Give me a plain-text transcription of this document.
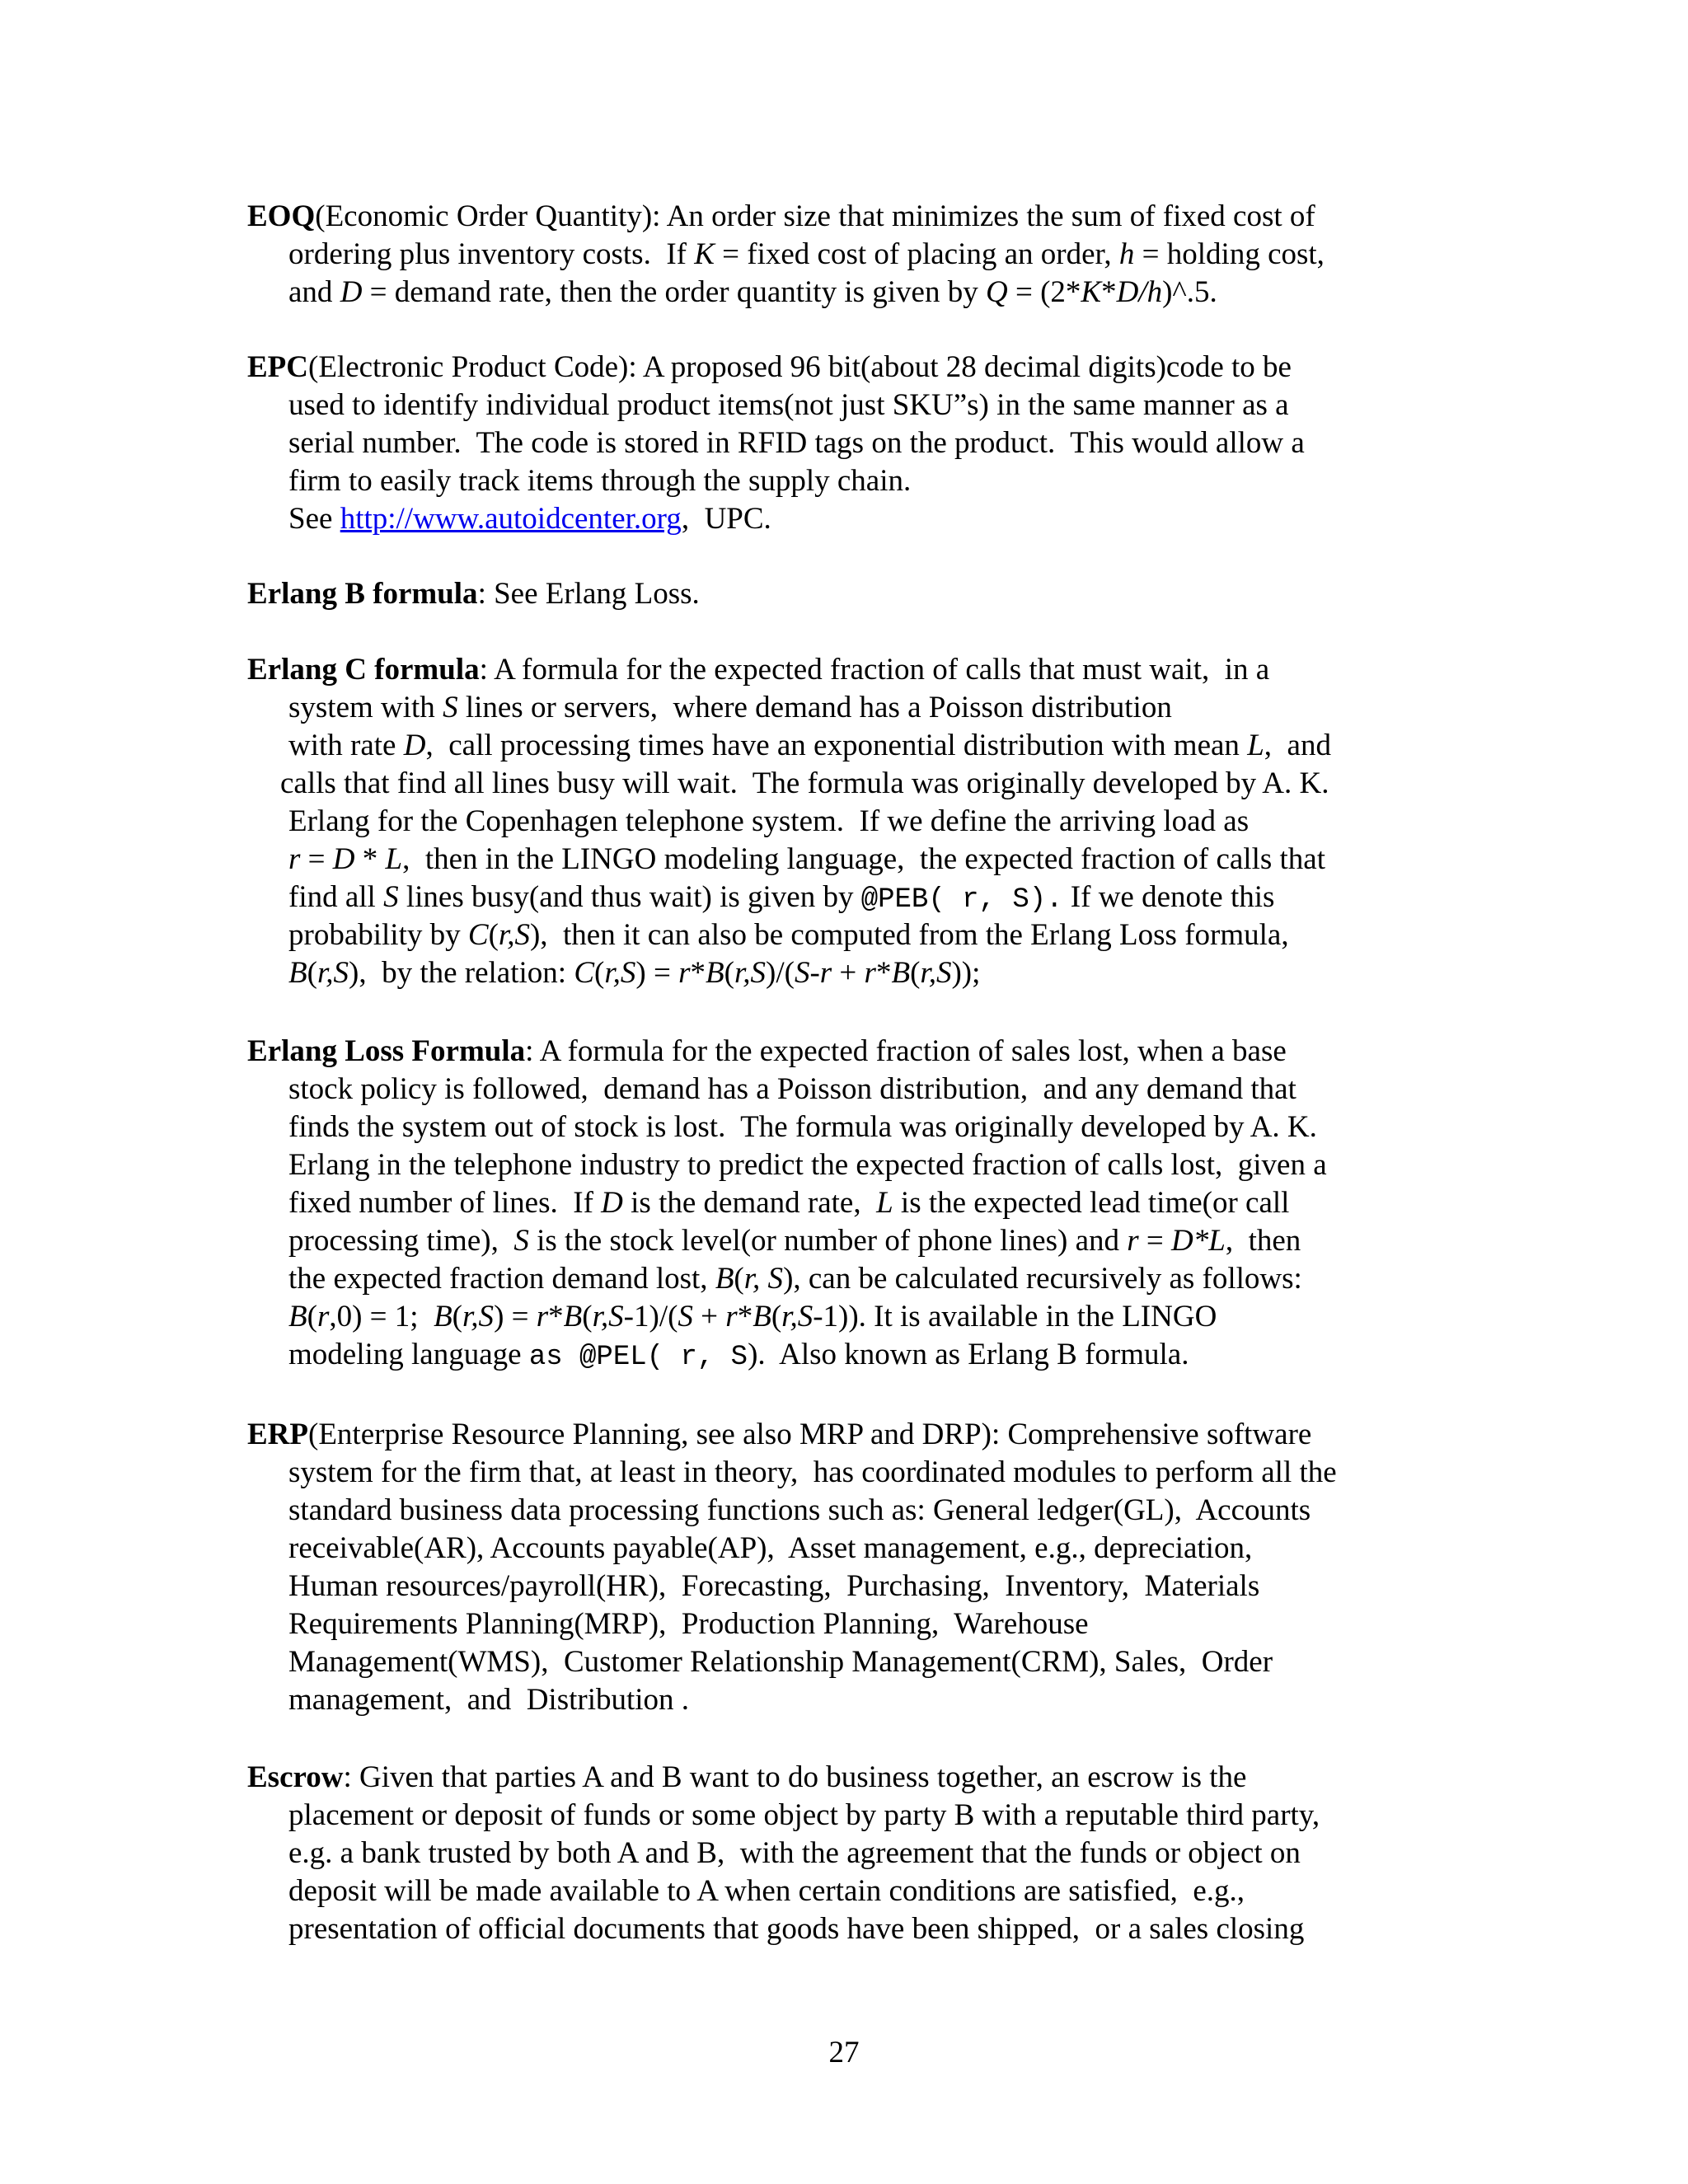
EOQ(Economic Order Quantity): An order size that minimizes the sum of fixed cost of
ordering plus inventory costs.  If K = fixed cost of placing an order, h = holding cost,
and D = demand rate, then the order quantity is given by Q = (2*K*D/h)^.5.
EPC(Electronic Product Code): A proposed 96 bit(about 28 decimal digits)code to be
used to identify individual product items(not just SKU”s) in the same manner as a
serial number.  The code is stored in RFID tags on the product.  This would allow a
firm to easily track items through the supply chain.
See http://www.autoidcenter.org,  UPC.
Erlang B formula: See Erlang Loss.
Erlang C formula: A formula for the expected fraction of calls that must wait,  in a
system with S lines or servers,  where demand has a Poisson distribution
with rate D,  call processing times have an exponential distribution with mean L,  and
calls that find all lines busy will wait.  The formula was originally developed by A. K.
Erlang for the Copenhagen telephone system.  If we define the arriving load as
r = D * L,  then in the LINGO modeling language,  the expected fraction of calls that
find all S lines busy(and thus wait) is given by @PEB( r, S). If we denote this
probability by C(r,S),  then it can also be computed from the Erlang Loss formula,
B(r,S),  by the relation: C(r,S) = r*B(r,S)/(S-r + r*B(r,S));
Erlang Loss Formula: A formula for the expected fraction of sales lost, when a base
stock policy is followed,  demand has a Poisson distribution,  and any demand that
finds the system out of stock is lost.  The formula was originally developed by A. K.
Erlang in the telephone industry to predict the expected fraction of calls lost,  given a
fixed number of lines.  If D is the demand rate,  L is the expected lead time(or call
processing time),  S is the stock level(or number of phone lines) and r = D*L,  then
the expected fraction demand lost, B(r, S), can be calculated recursively as follows:
B(r,0) = 1;  B(r,S) = r*B(r,S-1)/(S + r*B(r,S-1)). It is available in the LINGO
modeling language as @PEL( r, S).  Also known as Erlang B formula.
ERP(Enterprise Resource Planning, see also MRP and DRP): Comprehensive software
system for the firm that, at least in theory,  has coordinated modules to perform all the
standard business data processing functions such as: General ledger(GL),  Accounts
receivable(AR), Accounts payable(AP),  Asset management, e.g., depreciation,
Human resources/payroll(HR),  Forecasting,  Purchasing,  Inventory,  Materials
Requirements Planning(MRP),  Production Planning,  Warehouse
Management(WMS),  Customer Relationship Management(CRM), Sales,  Order
management,  and  Distribution .
Escrow: Given that parties A and B want to do business together, an escrow is the
placement or deposit of funds or some object by party B with a reputable third party,
e.g. a bank trusted by both A and B,  with the agreement that the funds or object on
deposit will be made available to A when certain conditions are satisfied,  e.g.,
presentation of official documents that goods have been shipped,  or a sales closing
27
